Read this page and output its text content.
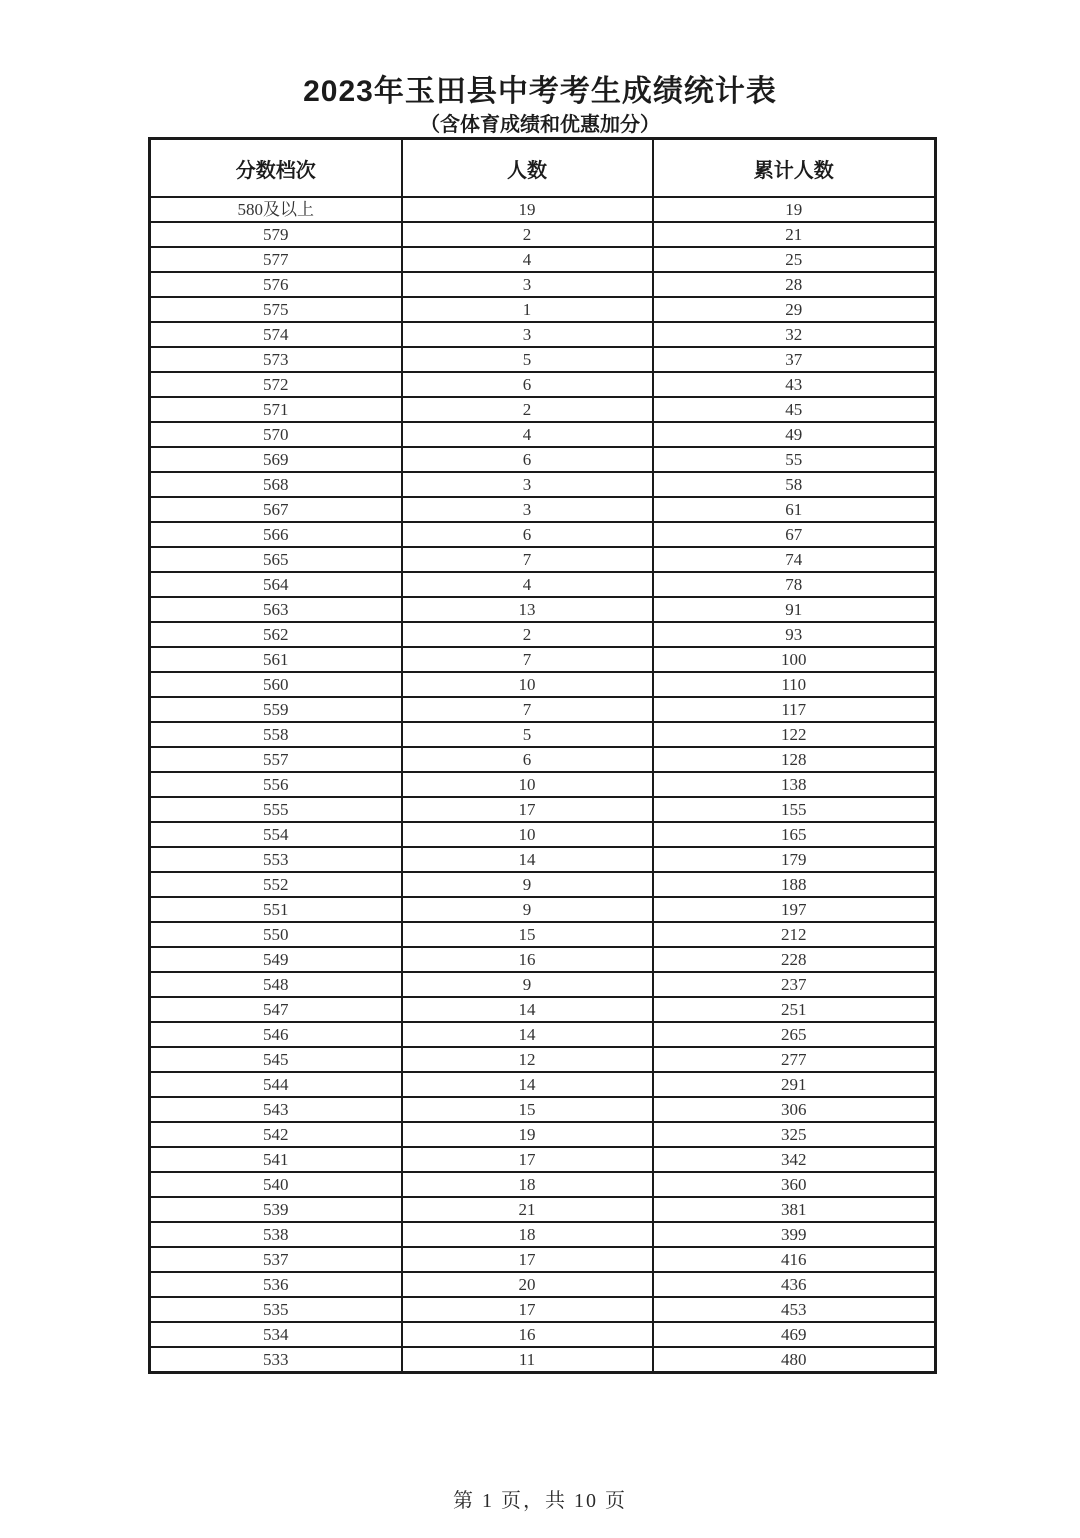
2023年玉田县中考考生成绩统计表
（含体育成绩和优惠加分）
分数档次	人数	累计人数
580及以上	19	19
579	2	21
577	4	25
576	3	28
575	1	29
574	3	32
573	5	37
572	6	43
571	2	45
570	4	49
569	6	55
568	3	58
567	3	61
566	6	67
565	7	74
564	4	78
563	13	91
562	2	93
561	7	100
560	10	110
559	7	117
558	5	122
557	6	128
556	10	138
555	17	155
554	10	165
553	14	179
552	9	188
551	9	197
550	15	212
549	16	228
548	9	237
547	14	251
546	14	265
545	12	277
544	14	291
543	15	306
542	19	325
541	17	342
540	18	360
539	21	381
538	18	399
537	17	416
536	20	436
535	17	453
534	16	469
533	11	480
第 1 页，共 10 页
